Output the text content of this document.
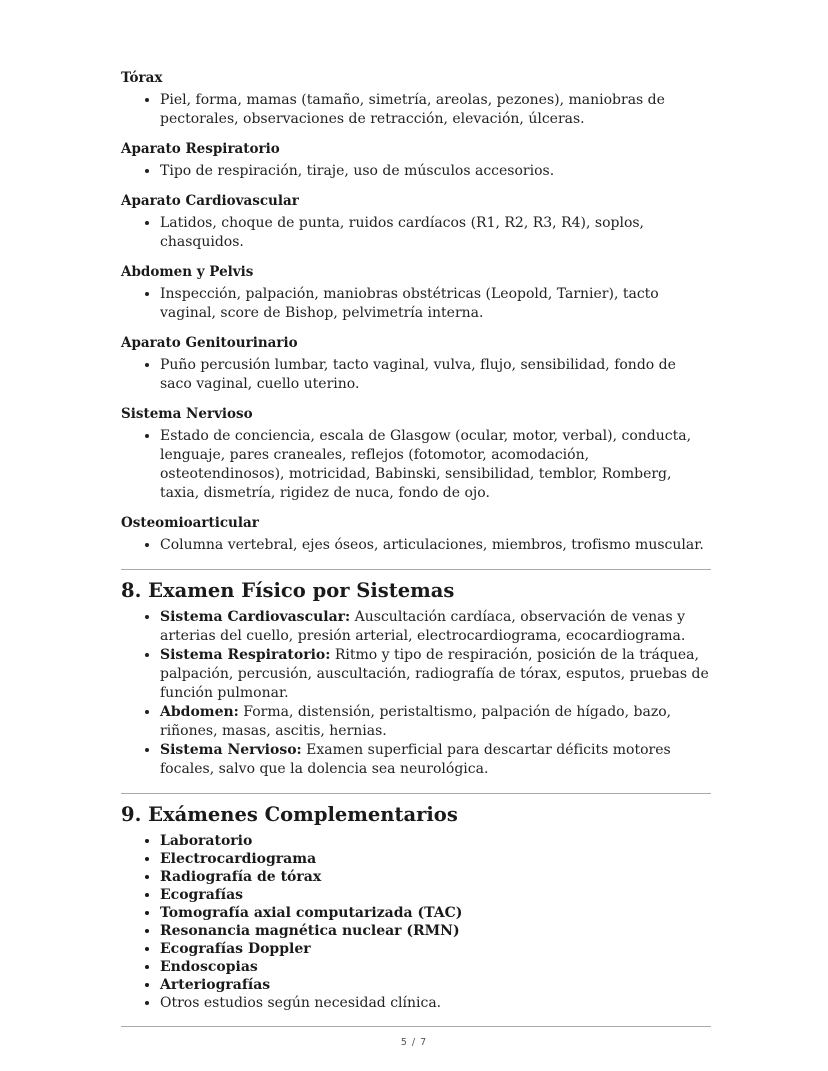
Tórax
• Piel, forma, mamas (tamaño, simetría, areolas, pezones), maniobras de pectorales, observaciones de retracción, elevación, úlceras.
Aparato Respiratorio
• Tipo de respiración, tiraje, uso de músculos accesorios.
Aparato Cardiovascular
• Latidos, choque de punta, ruidos cardíacos (R1, R2, R3, R4), soplos, chasquidos.
Abdomen y Pelvis
• Inspección, palpación, maniobras obstétricas (Leopold, Tarnier), tacto vaginal, score de Bishop, pelvimetría interna.
Aparato Genitourinario
• Puño percusión lumbar, tacto vaginal, vulva, flujo, sensibilidad, fondo de saco vaginal, cuello uterino.
Sistema Nervioso
• Estado de conciencia, escala de Glasgow (ocular, motor, verbal), conducta, lenguaje, pares craneales, reflejos (fotomotor, acomodación, osteotendinosos), motricidad, Babinski, sensibilidad, temblor, Romberg, taxia, dismetría, rigidez de nuca, fondo de ojo.
Osteomioarticular
• Columna vertebral, ejes óseos, articulaciones, miembros, trofismo muscular.
8. Examen Físico por Sistemas
• Sistema Cardiovascular: Auscultación cardíaca, observación de venas y arterias del cuello, presión arterial, electrocardiograma, ecocardiograma.
• Sistema Respiratorio: Ritmo y tipo de respiración, posición de la tráquea, palpación, percusión, auscultación, radiografía de tórax, esputos, pruebas de función pulmonar.
• Abdomen: Forma, distensión, peristaltismo, palpación de hígado, bazo, riñones, masas, ascitis, hernias.
• Sistema Nervioso: Examen superficial para descartar déficits motores focales, salvo que la dolencia sea neurológica.
9. Exámenes Complementarios
• Laboratorio
• Electrocardiograma
• Radiografía de tórax
• Ecografías
• Tomografía axial computarizada (TAC)
• Resonancia magnética nuclear (RMN)
• Ecografías Doppler
• Endoscopias
• Arteriografías
• Otros estudios según necesidad clínica.
5 / 7
